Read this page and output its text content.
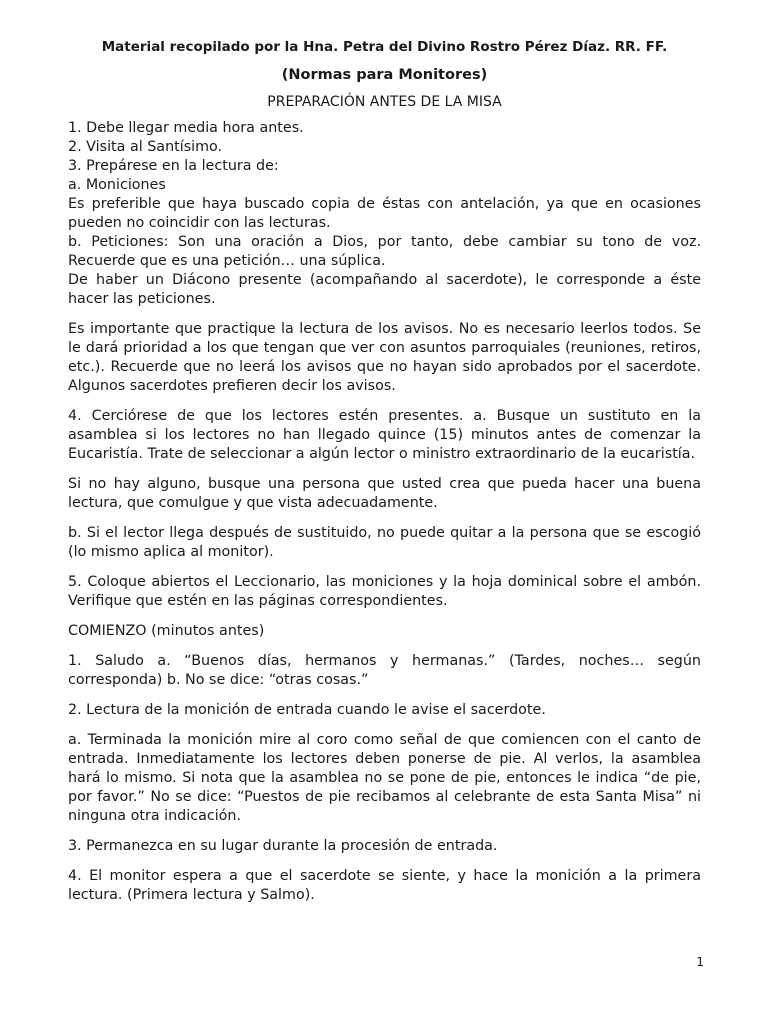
Material recopilado por la Hna. Petra del Divino Rostro Pérez Díaz. RR. FF.
(Normas para Monitores)
PREPARACIÓN ANTES DE LA MISA

1. Debe llegar media hora antes.

2. Visita al Santísimo.

3. Prepárese en la lectura de:

a. Moniciones

Es preferible que haya buscado copia de éstas con antelación, ya que en ocasiones pueden no coincidir con las lecturas.

b. Peticiones: Son una oración a Dios, por tanto, debe cambiar su tono de voz. Recuerde que es una petición… una súplica.

De haber un Diácono presente (acompañando al sacerdote), le corresponde a éste hacer las peticiones.

Es importante que practique la lectura de los avisos. No es necesario leerlos todos. Se le dará prioridad a los que tengan que ver con asuntos parroquiales (reuniones, retiros, etc.). Recuerde que no leerá los avisos que no hayan sido aprobados por el sacerdote. Algunos sacerdotes prefieren decir los avisos.

4. Cerciórese de que los lectores estén presentes. a. Busque un sustituto en la asamblea si los lectores no han llegado quince (15) minutos antes de comenzar la Eucaristía. Trate de seleccionar a algún lector o ministro extraordinario de la eucaristía.

Si no hay alguno, busque una persona que usted crea que pueda hacer una buena lectura, que comulgue y que vista adecuadamente.

b. Si el lector llega después de sustituido, no puede quitar a la persona que se escogió (lo mismo aplica al monitor).

5. Coloque abiertos el Leccionario, las moniciones y la hoja dominical sobre el ambón. Verifique que estén en las páginas correspondientes.

COMIENZO (minutos antes)

1. Saludo a. “Buenos días, hermanos y hermanas.” (Tardes, noches… según corresponda) b. No se dice: “otras cosas.”

2. Lectura de la monición de entrada cuando le avise el sacerdote.

a. Terminada la monición mire al coro como señal de que comiencen con el canto de entrada. Inmediatamente los lectores deben ponerse de pie. Al verlos, la asamblea hará lo mismo. Si nota que la asamblea no se pone de pie, entonces le indica “de pie, por favor.” No se dice: “Puestos de pie recibamos al celebrante de esta Santa Misa” ni ninguna otra indicación.

3. Permanezca en su lugar durante la procesión de entrada.

4. El monitor espera a que el sacerdote se siente, y hace la monición a la primera lectura. (Primera lectura y Salmo).

1
